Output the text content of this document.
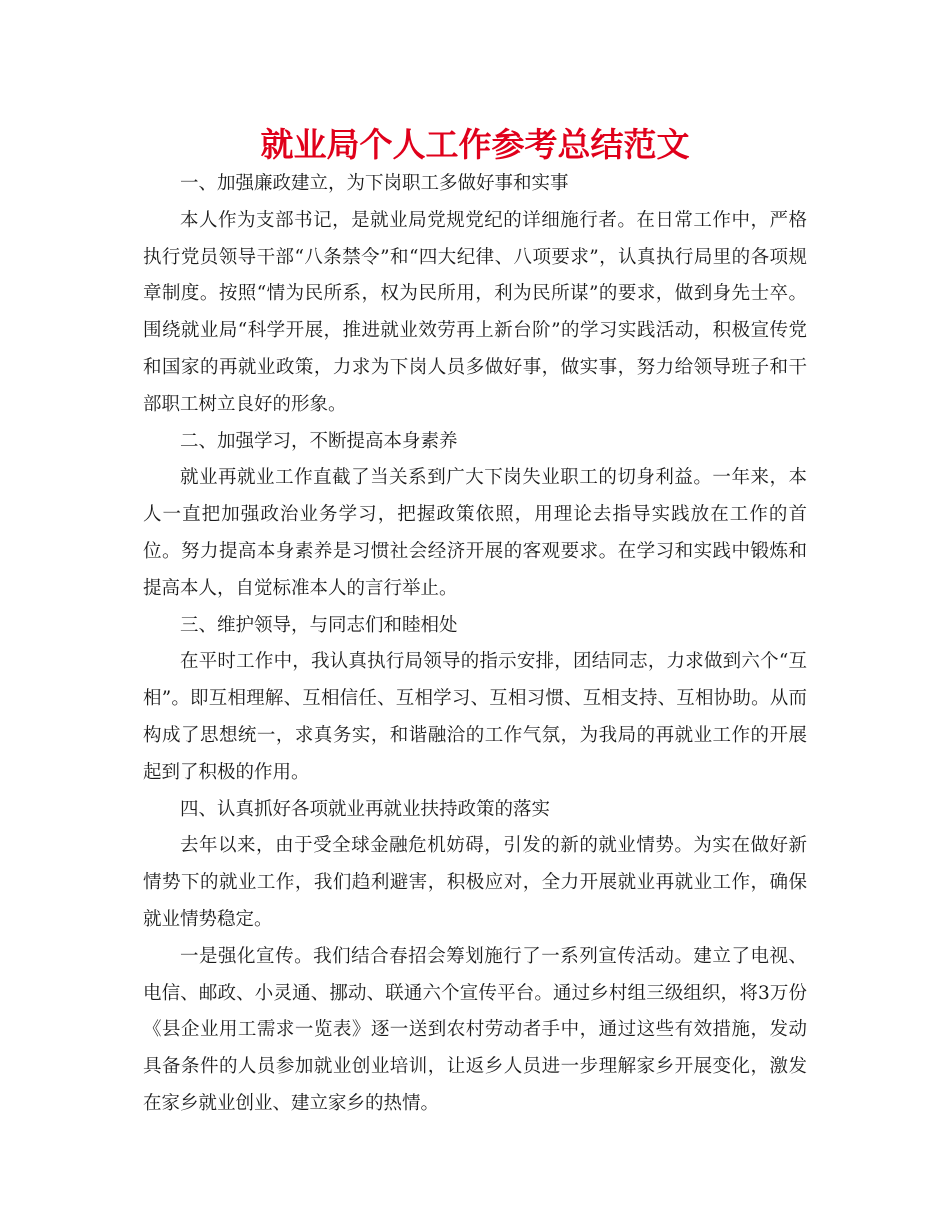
就业局个人工作参考总结范文

一、加强廉政建立，为下岗职工多做好事和实事

本人作为支部书记，是就业局党规党纪的详细施行者。在日常工作中，严格执行党员领导干部“八条禁令”和“四大纪律、八项要求”，认真执行局里的各项规章制度。按照“情为民所系，权为民所用，利为民所谋”的要求，做到身先士卒。围绕就业局“科学开展，推进就业效劳再上新台阶”的学习实践活动，积极宣传党和国家的再就业政策，力求为下岗人员多做好事，做实事，努力给领导班子和干部职工树立良好的形象。

二、加强学习，不断提高本身素养

就业再就业工作直截了当关系到广大下岗失业职工的切身利益。一年来，本人一直把加强政治业务学习，把握政策依照，用理论去指导实践放在工作的首位。努力提高本身素养是习惯社会经济开展的客观要求。在学习和实践中锻炼和提高本人，自觉标准本人的言行举止。

三、维护领导，与同志们和睦相处

在平时工作中，我认真执行局领导的指示安排，团结同志，力求做到六个“互相”。即互相理解、互相信任、互相学习、互相习惯、互相支持、互相协助。从而构成了思想统一，求真务实，和谐融洽的工作气氛，为我局的再就业工作的开展起到了积极的作用。

四、认真抓好各项就业再就业扶持政策的落实

去年以来，由于受全球金融危机妨碍，引发的新的就业情势。为实在做好新情势下的就业工作，我们趋利避害，积极应对，全力开展就业再就业工作，确保就业情势稳定。

一是强化宣传。我们结合春招会筹划施行了一系列宣传活动。建立了电视、电信、邮政、小灵通、挪动、联通六个宣传平台。通过乡村组三级组织，将3万份《县企业用工需求一览表》逐一送到农村劳动者手中，通过这些有效措施，发动具备条件的人员参加就业创业培训，让返乡人员进一步理解家乡开展变化，激发在家乡就业创业、建立家乡的热情。
